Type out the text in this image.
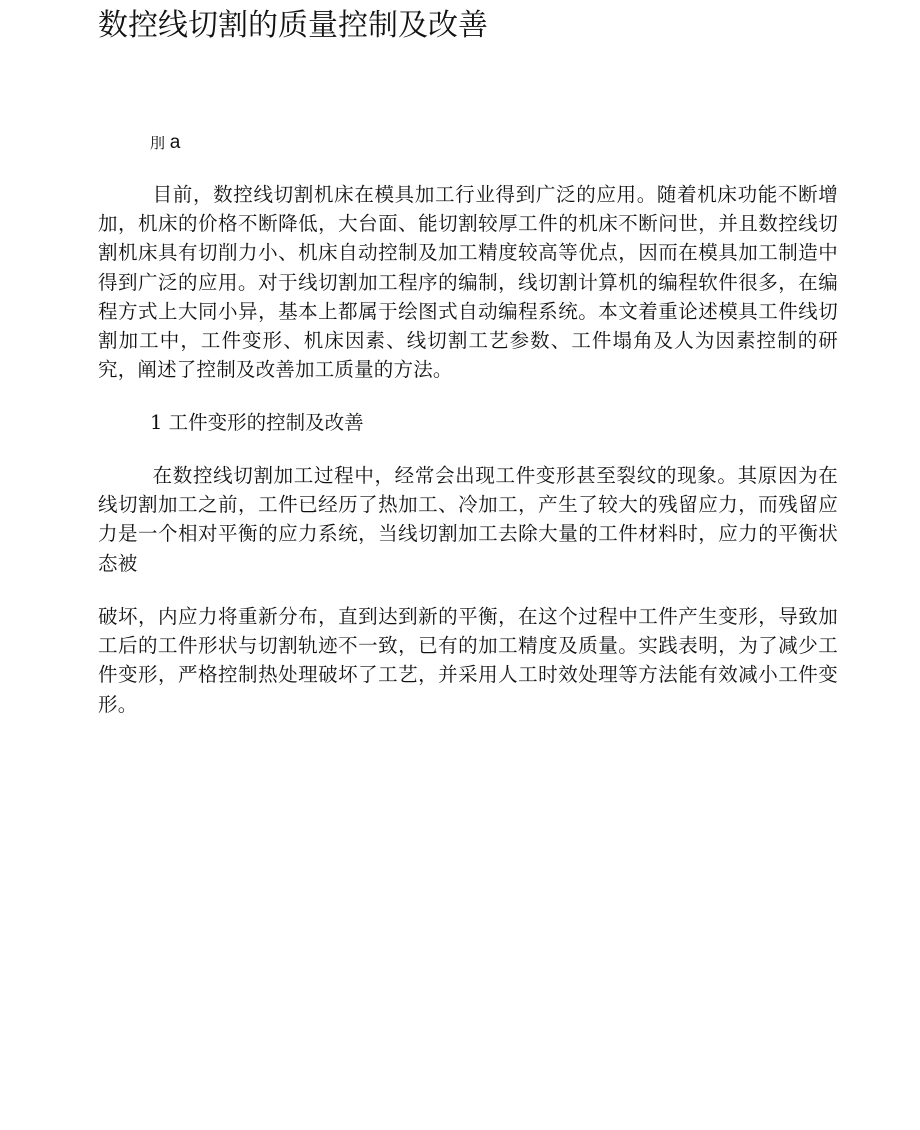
数控线切割的质量控制及改善
刖 a

目前，数控线切割机床在模具加工行业得到广泛的应用。随着机床功能不断增加，机床的价格不断降低，大台面、能切割较厚工件的机床不断问世，并且数控线切割机床具有切削力小、机床自动控制及加工精度较高等优点，因而在模具加工制造中得到广泛的应用。对于线切割加工程序的编制，线切割计算机的编程软件很多，在编程方式上大同小异，基本上都属于绘图式自动编程系统。本文着重论述模具工件线切割加工中，工件变形、机床因素、线切割工艺参数、工件塌角及人为因素控制的研究，阐述了控制及改善加工质量的方法。

1 工件变形的控制及改善

在数控线切割加工过程中，经常会出现工件变形甚至裂纹的现象。其原因为在线切割加工之前，工件已经历了热加工、冷加工，产生了较大的残留应力，而残留应力是一个相对平衡的应力系统，当线切割加工去除大量的工件材料时，应力的平衡状态被

破坏，内应力将重新分布，直到达到新的平衡，在这个过程中工件产生变形，导致加工后的工件形状与切割轨迹不一致，已有的加工精度及质量。实践表明，为了减少工件变形，严格控制热处理破坏了工艺，并采用人工时效处理等方法能有效减小工件变形。
